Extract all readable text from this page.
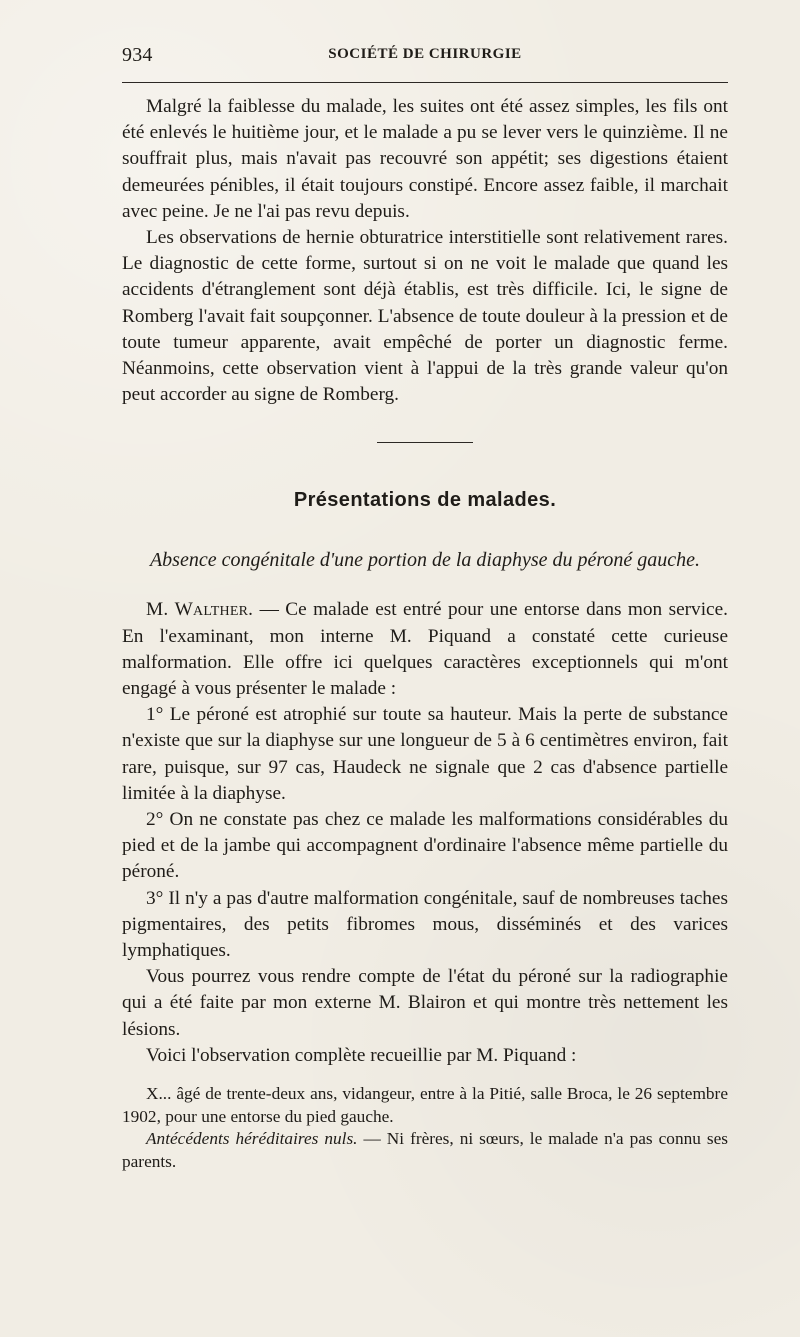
934	SOCIÉTÉ DE CHIRURGIE

Malgré la faiblesse du malade, les suites ont été assez simples, les fils ont été enlevés le huitième jour, et le malade a pu se lever vers le quinzième. Il ne souffrait plus, mais n'avait pas recouvré son appétit; ses digestions étaient demeurées pénibles, il était toujours constipé. Encore assez faible, il marchait avec peine. Je ne l'ai pas revu depuis.

Les observations de hernie obturatrice interstitielle sont relativement rares. Le diagnostic de cette forme, surtout si on ne voit le malade que quand les accidents d'étranglement sont déjà établis, est très difficile. Ici, le signe de Romberg l'avait fait soupçonner. L'absence de toute douleur à la pression et de toute tumeur apparente, avait empêché de porter un diagnostic ferme. Néanmoins, cette observation vient à l'appui de la très grande valeur qu'on peut accorder au signe de Romberg.

Présentations de malades.
Absence congénitale d'une portion de la diaphyse du péroné gauche.

M. Walther. — Ce malade est entré pour une entorse dans mon service. En l'examinant, mon interne M. Piquand a constaté cette curieuse malformation. Elle offre ici quelques caractères exceptionnels qui m'ont engagé à vous présenter le malade :

1° Le péroné est atrophié sur toute sa hauteur. Mais la perte de substance n'existe que sur la diaphyse sur une longueur de 5 à 6 centimètres environ, fait rare, puisque, sur 97 cas, Haudeck ne signale que 2 cas d'absence partielle limitée à la diaphyse.

2° On ne constate pas chez ce malade les malformations considérables du pied et de la jambe qui accompagnent d'ordinaire l'absence même partielle du péroné.

3° Il n'y a pas d'autre malformation congénitale, sauf de nombreuses taches pigmentaires, des petits fibromes mous, disséminés et des varices lymphatiques.

Vous pourrez vous rendre compte de l'état du péroné sur la radiographie qui a été faite par mon externe M. Blairon et qui montre très nettement les lésions.

Voici l'observation complète recueillie par M. Piquand :

X... âgé de trente-deux ans, vidangeur, entre à la Pitié, salle Broca, le 26 septembre 1902, pour une entorse du pied gauche.

Antécédents héréditaires nuls. — Ni frères, ni sœurs, le malade n'a pas connu ses parents.
